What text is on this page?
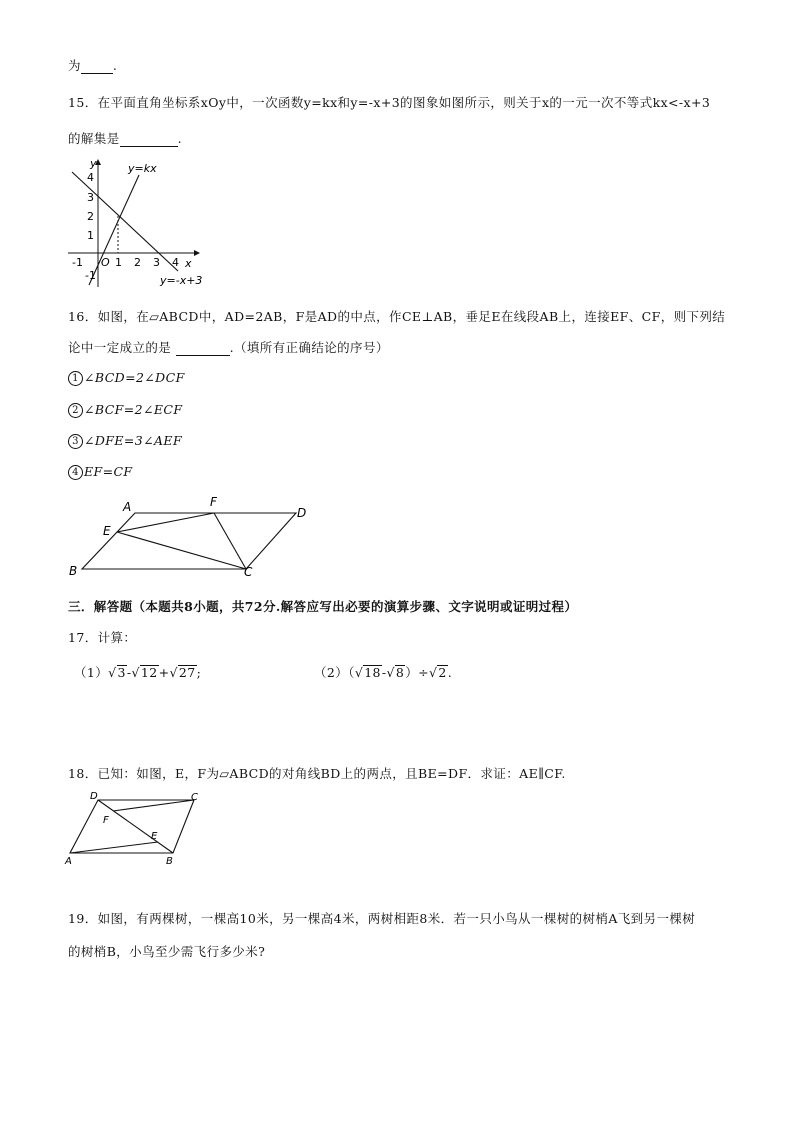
为	.
15．在平面直角坐标系xOy中，一次函数y=kx和y=-x+3的图象如图所示，则关于x的一元一次不等式kx<-x+3
的解集是	.
y=kx
y
x
y=-x+3
O
4
3
2
1
-1
-1	1 2 3 4
16．如图，在▱ABCD中，AD=2AB，F是AD的中点，作CE⊥AB，垂足E在线段AB上，连接EF、CF，则下列结
论中一定成立的是	.（填所有正确结论的序号）
1 ∠BCD=2∠DCF
2 ∠BCF=2∠ECF
3 ∠DFE=3∠AEF
4 EF=CF
A	F
D
E
B	C
三．解答题（本题共8小题，共72分.解答应写出必要的演算步骤、文字说明或证明过程）
17．计算：
（1）√3-√12+√27;	（2）（√18-√8）÷√2.
18．已知：如图，E，F为▱ABCD的对角线BD上的两点，且BE=DF．求证：AE∥CF.
D	C
F
E
A	B
19．如图，有两棵树，一棵高10米，另一棵高4米，两树相距8米．若一只小鸟从一棵树的树梢A飞到另一棵树
的树梢B，小鸟至少需飞行多少米?
